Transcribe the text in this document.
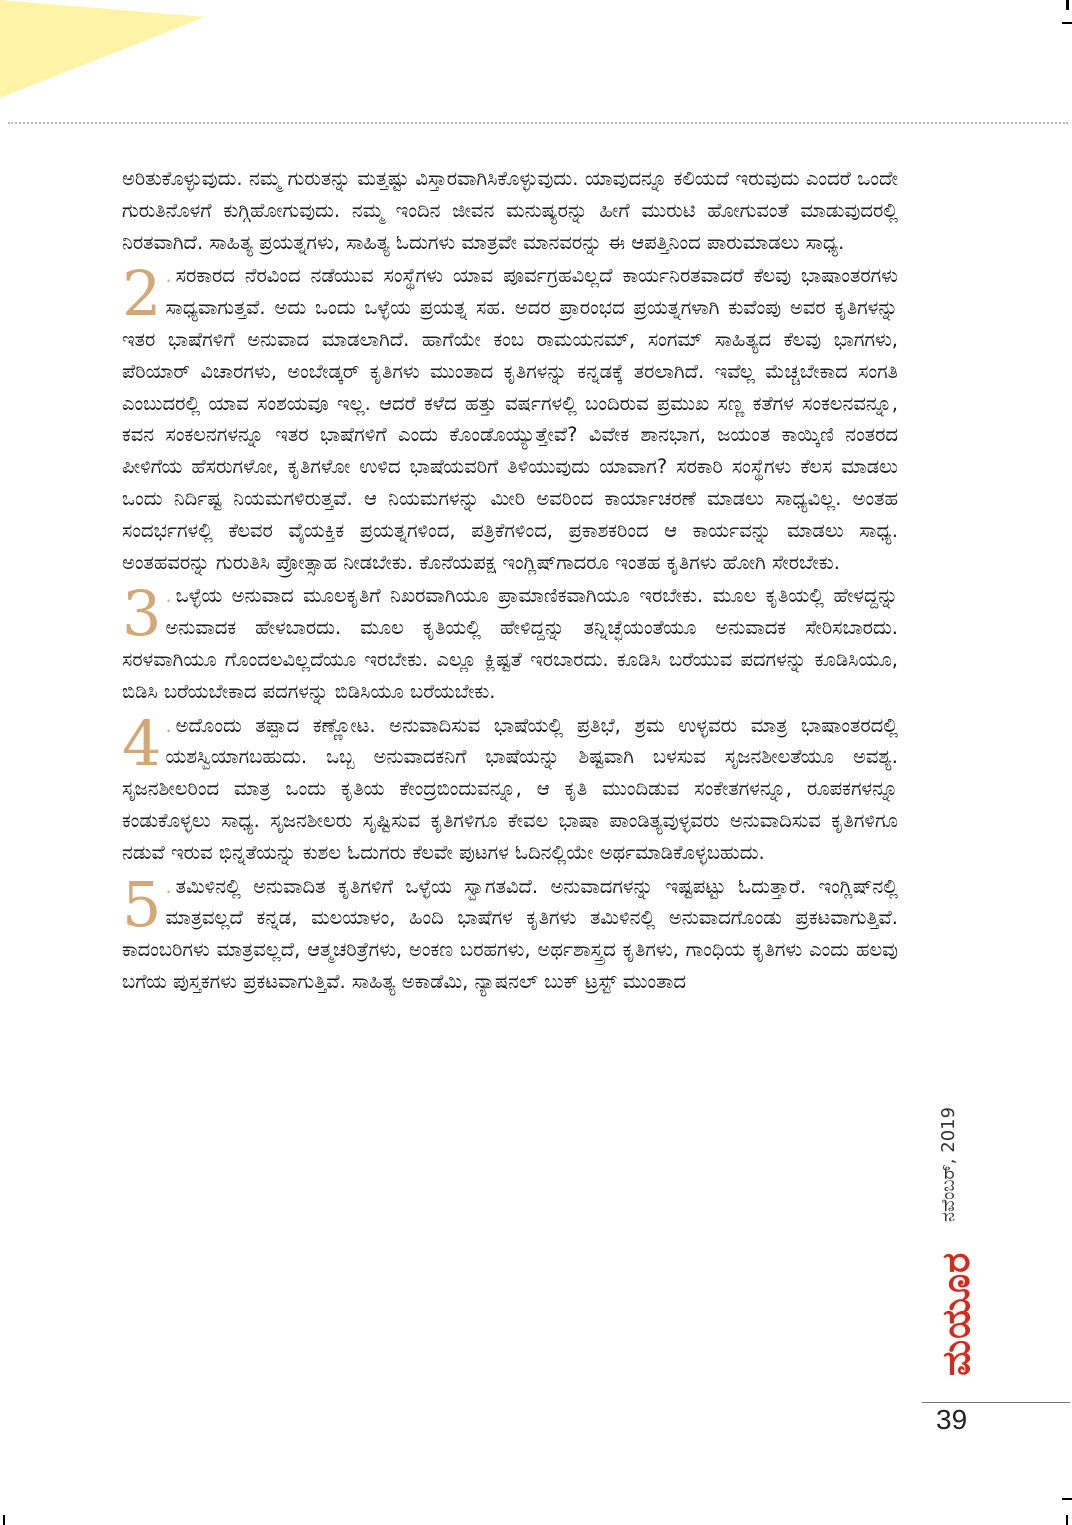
ಅರಿತುಕೊಳ್ಳುವುದು. ನಮ್ಮ ಗುರುತನ್ನು ಮತ್ತಷ್ಟು ವಿಸ್ತಾರವಾಗಿಸಿಕೊಳ್ಳುವುದು. ಯಾವುದನ್ನೂ ಕಲಿಯದೆ ಇರುವುದು ಎಂದರೆ ಒಂದೇ ಗುರುತಿನೊಳಗೆ ಕುಗ್ಗಿಹೋಗುವುದು. ನಮ್ಮ ಇಂದಿನ ಜೀವನ ಮನುಷ್ಯರನ್ನು ಹೀಗೆ ಮುರುಟಿ ಹೋಗುವಂತೆ ಮಾಡುವುದರಲ್ಲಿ ನಿರತವಾಗಿದೆ. ಸಾಹಿತ್ಯ ಪ್ರಯತ್ನಗಳು, ಸಾಹಿತ್ಯ ಓದುಗಳು ಮಾತ್ರವೇ ಮಾನವರನ್ನು ಈ ಆಪತ್ತಿನಿಂದ ಪಾರುಮಾಡಲು ಸಾಧ್ಯ.

2 . ಸರಕಾರದ ನೆರವಿಂದ ನಡೆಯುವ ಸಂಸ್ಥೆಗಳು ಯಾವ ಪೂರ್ವಗ್ರಹವಿಲ್ಲದೆ ಕಾರ್ಯನಿರತವಾದರೆ ಕೆಲವು ಭಾಷಾಂತರಗಳು ಸಾಧ್ಯವಾಗುತ್ತವೆ. ಅದು ಒಂದು ಒಳ್ಳೆಯ ಪ್ರಯತ್ನ ಸಹ. ಅದರ ಪ್ರಾರಂಭದ ಪ್ರಯತ್ನಗಳಾಗಿ ಕುವೆಂಪು ಅವರ ಕೃತಿಗಳನ್ನು ಇತರ ಭಾಷೆಗಳಿಗೆ ಅನುವಾದ ಮಾಡಲಾಗಿದೆ. ಹಾಗೆಯೇ ಕಂಬ ರಾಮಯನಮ್, ಸಂಗಮ್ ಸಾಹಿತ್ಯದ ಕೆಲವು ಭಾಗಗಳು, ಪೆರಿಯಾರ್ ವಿಚಾರಗಳು, ಅಂಬೇಡ್ಕರ್ ಕೃತಿಗಳು ಮುಂತಾದ ಕೃತಿಗಳನ್ನು ಕನ್ನಡಕ್ಕೆ ತರಲಾಗಿದೆ. ಇವೆಲ್ಲ ಮೆಚ್ಚಬೇಕಾದ ಸಂಗತಿ ಎಂಬುದರಲ್ಲಿ ಯಾವ ಸಂಶಯವೂ ಇಲ್ಲ. ಆದರೆ ಕಳೆದ ಹತ್ತು ವರ್ಷಗಳಲ್ಲಿ ಬಂದಿರುವ ಪ್ರಮುಖ ಸಣ್ಣ ಕತೆಗಳ ಸಂಕಲನವನ್ನೂ, ಕವನ ಸಂಕಲನಗಳನ್ನೂ ಇತರ ಭಾಷೆಗಳಿಗೆ ಎಂದು ಕೊಂಡೊಯ್ಯುತ್ತೇವೆ? ವಿವೇಕ ಶಾನಭಾಗ, ಜಯಂತ ಕಾಯ್ಕಿಣಿ ನಂತರದ ಪೀಳಿಗೆಯ ಹೆಸರುಗಳೋ, ಕೃತಿಗಳೋ ಉಳಿದ ಭಾಷೆಯವರಿಗೆ ತಿಳಿಯುವುದು ಯಾವಾಗ? ಸರಕಾರಿ ಸಂಸ್ಥೆಗಳು ಕೆಲಸ ಮಾಡಲು ಒಂದು ನಿರ್ದಿಷ್ಟ ನಿಯಮಗಳಿರುತ್ತವೆ. ಆ ನಿಯಮಗಳನ್ನು ಮೀರಿ ಅವರಿಂದ ಕಾರ್ಯಾಚರಣೆ ಮಾಡಲು ಸಾಧ್ಯವಿಲ್ಲ. ಅಂತಹ ಸಂದರ್ಭಗಳಲ್ಲಿ ಕೆಲವರ ವೈಯಕ್ತಿಕ ಪ್ರಯತ್ನಗಳಿಂದ, ಪತ್ರಿಕೆಗಳಿಂದ, ಪ್ರಕಾಶಕರಿಂದ ಆ ಕಾರ್ಯವನ್ನು ಮಾಡಲು ಸಾಧ್ಯ. ಅಂತಹವರನ್ನು ಗುರುತಿಸಿ ಪ್ರೋತ್ಸಾಹ ನೀಡಬೇಕು. ಕೊನೆಯಪಕ್ಷ ಇಂಗ್ಲಿಷ್‌ಗಾದರೂ ಇಂತಹ ಕೃತಿಗಳು ಹೋಗಿ ಸೇರಬೇಕು.
3 . ಒಳ್ಳೆಯ ಅನುವಾದ ಮೂಲಕೃತಿಗೆ ನಿಖರವಾಗಿಯೂ ಪ್ರಾಮಾಣಿಕವಾಗಿಯೂ ಇರಬೇಕು. ಮೂಲ ಕೃತಿಯಲ್ಲಿ ಹೇಳದ್ದನ್ನು ಅನುವಾದಕ ಹೇಳಬಾರದು. ಮೂಲ ಕೃತಿಯಲ್ಲಿ ಹೇಳಿದ್ದನ್ನು ತನ್ನಿಚ್ಛೆಯಂತೆಯೂ ಅನುವಾದಕ ಸೇರಿಸಬಾರದು. ಸರಳವಾಗಿಯೂ ಗೊಂದಲವಿಲ್ಲದೆಯೂ ಇರಬೇಕು. ಎಲ್ಲೂ ಕ್ಲಿಷ್ಟತೆ ಇರಬಾರದು. ಕೂಡಿಸಿ ಬರೆಯುವ ಪದಗಳನ್ನು ಕೂಡಿಸಿಯೂ, ಬಿಡಿಸಿ ಬರೆಯಬೇಕಾದ ಪದಗಳನ್ನು ಬಿಡಿಸಿಯೂ ಬರೆಯಬೇಕು.
4 . ಅದೊಂದು ತಪ್ಪಾದ ಕಣ್ಣೋಟ. ಅನುವಾದಿಸುವ ಭಾಷೆಯಲ್ಲಿ ಪ್ರತಿಭೆ, ಶ್ರಮ ಉಳ್ಳವರು ಮಾತ್ರ ಭಾಷಾಂತರದಲ್ಲಿ ಯಶಸ್ವಿಯಾಗಬಹುದು. ಒಬ್ಬ ಅನುವಾದಕನಿಗೆ ಭಾಷೆಯನ್ನು ಶಿಷ್ಟವಾಗಿ ಬಳಸುವ ಸೃಜನಶೀಲತೆಯೂ ಅವಶ್ಯ. ಸೃಜನಶೀಲರಿಂದ ಮಾತ್ರ ಒಂದು ಕೃತಿಯ ಕೇಂದ್ರಬಿಂದುವನ್ನೂ, ಆ ಕೃತಿ ಮುಂದಿಡುವ ಸಂಕೇತಗಳನ್ನೂ, ರೂಪಕಗಳನ್ನೂ ಕಂಡುಕೊಳ್ಳಲು ಸಾಧ್ಯ. ಸೃಜನಶೀಲರು ಸೃಷ್ಟಿಸುವ ಕೃತಿಗಳಿಗೂ ಕೇವಲ ಭಾಷಾ ಪಾಂಡಿತ್ಯವುಳ್ಳವರು ಅನುವಾದಿಸುವ ಕೃತಿಗಳಿಗೂ ನಡುವೆ ಇರುವ ಭಿನ್ನತೆಯನ್ನು ಕುಶಲ ಓದುಗರು ಕೆಲವೇ ಪುಟಗಳ ಓದಿನಲ್ಲಿಯೇ ಅರ್ಥಮಾಡಿಕೊಳ್ಳಬಹುದು.
5 . ತಮಿಳಿನಲ್ಲಿ ಅನುವಾದಿತ ಕೃತಿಗಳಿಗೆ ಒಳ್ಳೆಯ ಸ್ವಾಗತವಿದೆ. ಅನುವಾದಗಳನ್ನು ಇಷ್ಟಪಟ್ಟು ಓದುತ್ತಾರೆ. ಇಂಗ್ಲಿಷ್‌ನಲ್ಲಿ ಮಾತ್ರವಲ್ಲದೆ ಕನ್ನಡ, ಮಲಯಾಳಂ, ಹಿಂದಿ ಭಾಷೆಗಳ ಕೃತಿಗಳು ತಮಿಳಿನಲ್ಲಿ ಅನುವಾದಗೊಂಡು ಪ್ರಕಟವಾಗುತ್ತಿವೆ. ಕಾದಂಬರಿಗಳು ಮಾತ್ರವಲ್ಲದೆ, ಆತ್ಮಚರಿತ್ರೆಗಳು, ಅಂಕಣ ಬರಹಗಳು, ಅರ್ಥಶಾಸ್ತ್ರದ ಕೃತಿಗಳು, ಗಾಂಧಿಯ ಕೃತಿಗಳು ಎಂದು ಹಲವು ಬಗೆಯ ಪುಸ್ತಕಗಳು ಪ್ರಕಟವಾಗುತ್ತಿವೆ. ಸಾಹಿತ್ಯ ಅಕಾಡೆಮಿ, ನ್ಯಾಷನಲ್ ಬುಕ್ ಟ್ರಸ್ಟ್ ಮುಂತಾದ
ನವೆಂಬರ್, 2019
ಮಯೂರ
39
